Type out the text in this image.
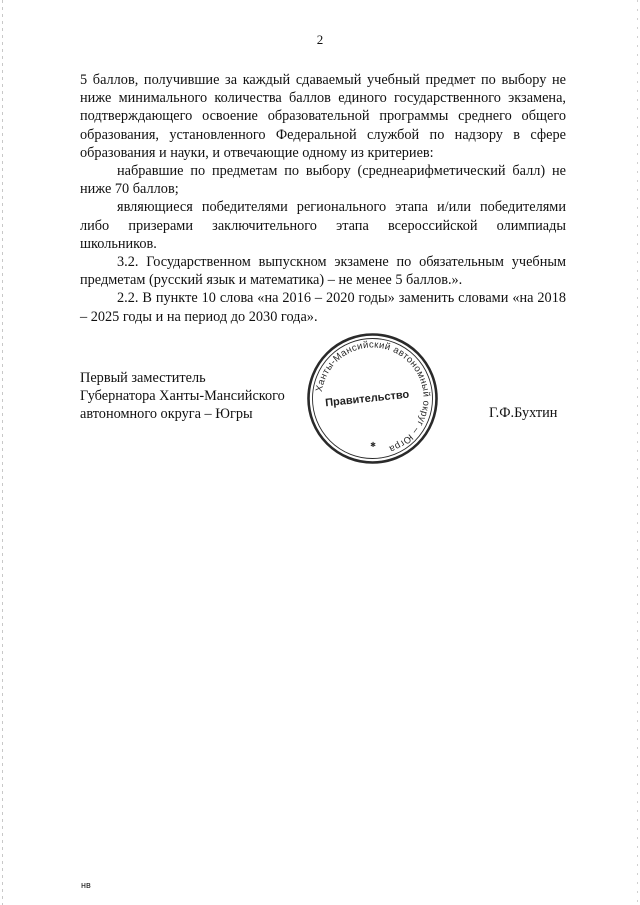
2

5 баллов, получившие за каждый сдаваемый учебный предмет по выбору не ниже минимального количества баллов единого государственного экзамена, подтверждающего освоение образовательной программы среднего общего образования, установленного Федеральной службой по надзору в сфере образования и науки, и отвечающие одному из критериев:

набравшие по предметам по выбору (среднеарифметический балл) не ниже 70 баллов;

являющиеся победителями регионального этапа и/или победителями либо призерами заключительного этапа всероссийской олимпиады школьников.

3.2. Государственном выпускном экзамене по обязательным учебным предметам (русский язык и математика) – не менее 5 баллов.».

2.2. В пункте 10 слова «на 2016 – 2020 годы» заменить словами «на 2018 – 2025 годы и на период до 2030 года».

Первый заместитель
Губернатора Ханты-Мансийского
автономного округа – Югры
Ханты-Мансийский автономный округ – Югра
Правительство
✱
Г.Ф.Бухтин
нв
